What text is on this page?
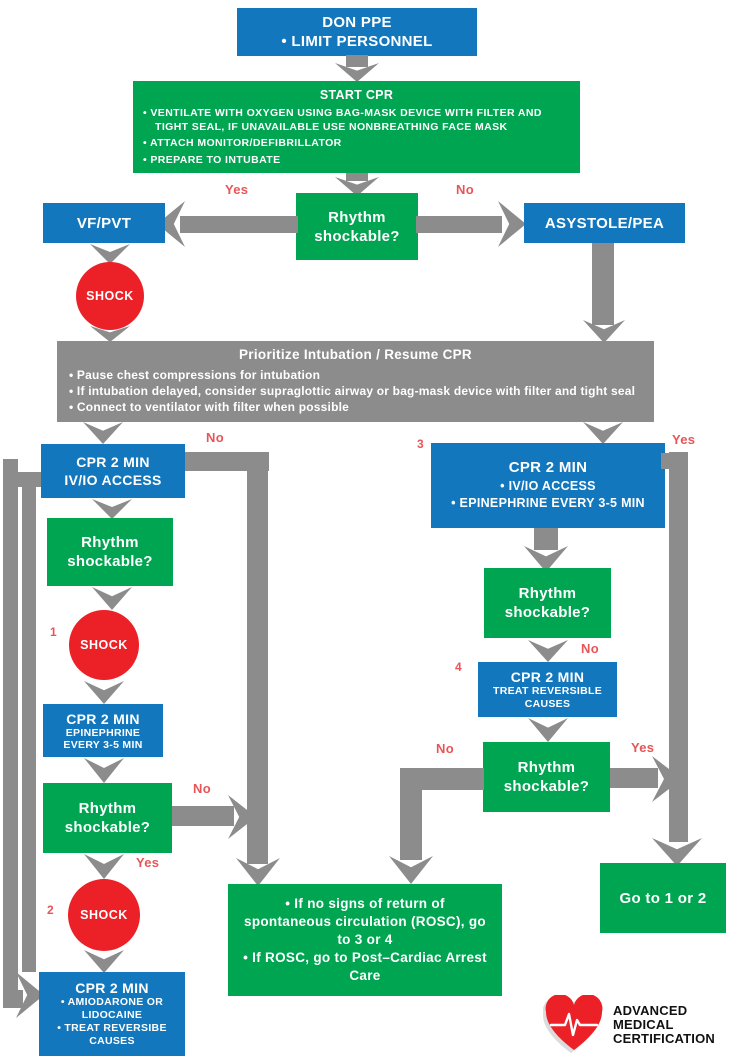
DON PPE
• LIMIT PERSONNEL
START CPR
• VENTILATE WITH OXYGEN USING BAG-MASK DEVICE WITH FILTER AND TIGHT SEAL, IF UNAVAILABLE USE NONBREATHING FACE MASK
• ATTACH MONITOR/DEFIBRILLATOR
• PREPARE TO INTUBATE
Rhythm shockable?
Yes	No
VF/PVT	ASYSTOLE/PEA
SHOCK
Prioritize Intubation / Resume CPR
• Pause chest compressions for intubation
• If intubation delayed, consider supraglottic airway or bag-mask device with filter and tight seal
• Connect to ventilator with filter when possible
No
CPR 2 MIN
IV/IO ACCESS
Rhythm shockable?
1
SHOCK
CPR 2 MIN
EPINEPHRINE
EVERY 3-5 MIN
Rhythm shockable?
No
Yes
2 SHOCK
CPR 2 MIN
• AMIODARONE OR LIDOCAINE
• TREAT REVERSIBE CAUSES
3
CPR 2 MIN
• IV/IO ACCESS
• EPINEPHRINE EVERY 3-5 MIN
Yes
Rhythm shockable?
No
4
CPR 2 MIN
TREAT REVERSIBLE
CAUSES
Rhythm shockable?
No	Yes
• If no signs of return of spontaneous circulation (ROSC), go to 3 or 4
• If ROSC, go to Post–Cardiac Arrest Care
Go to 1 or 2
ADVANCED
MEDICAL
CERTIFICATION
